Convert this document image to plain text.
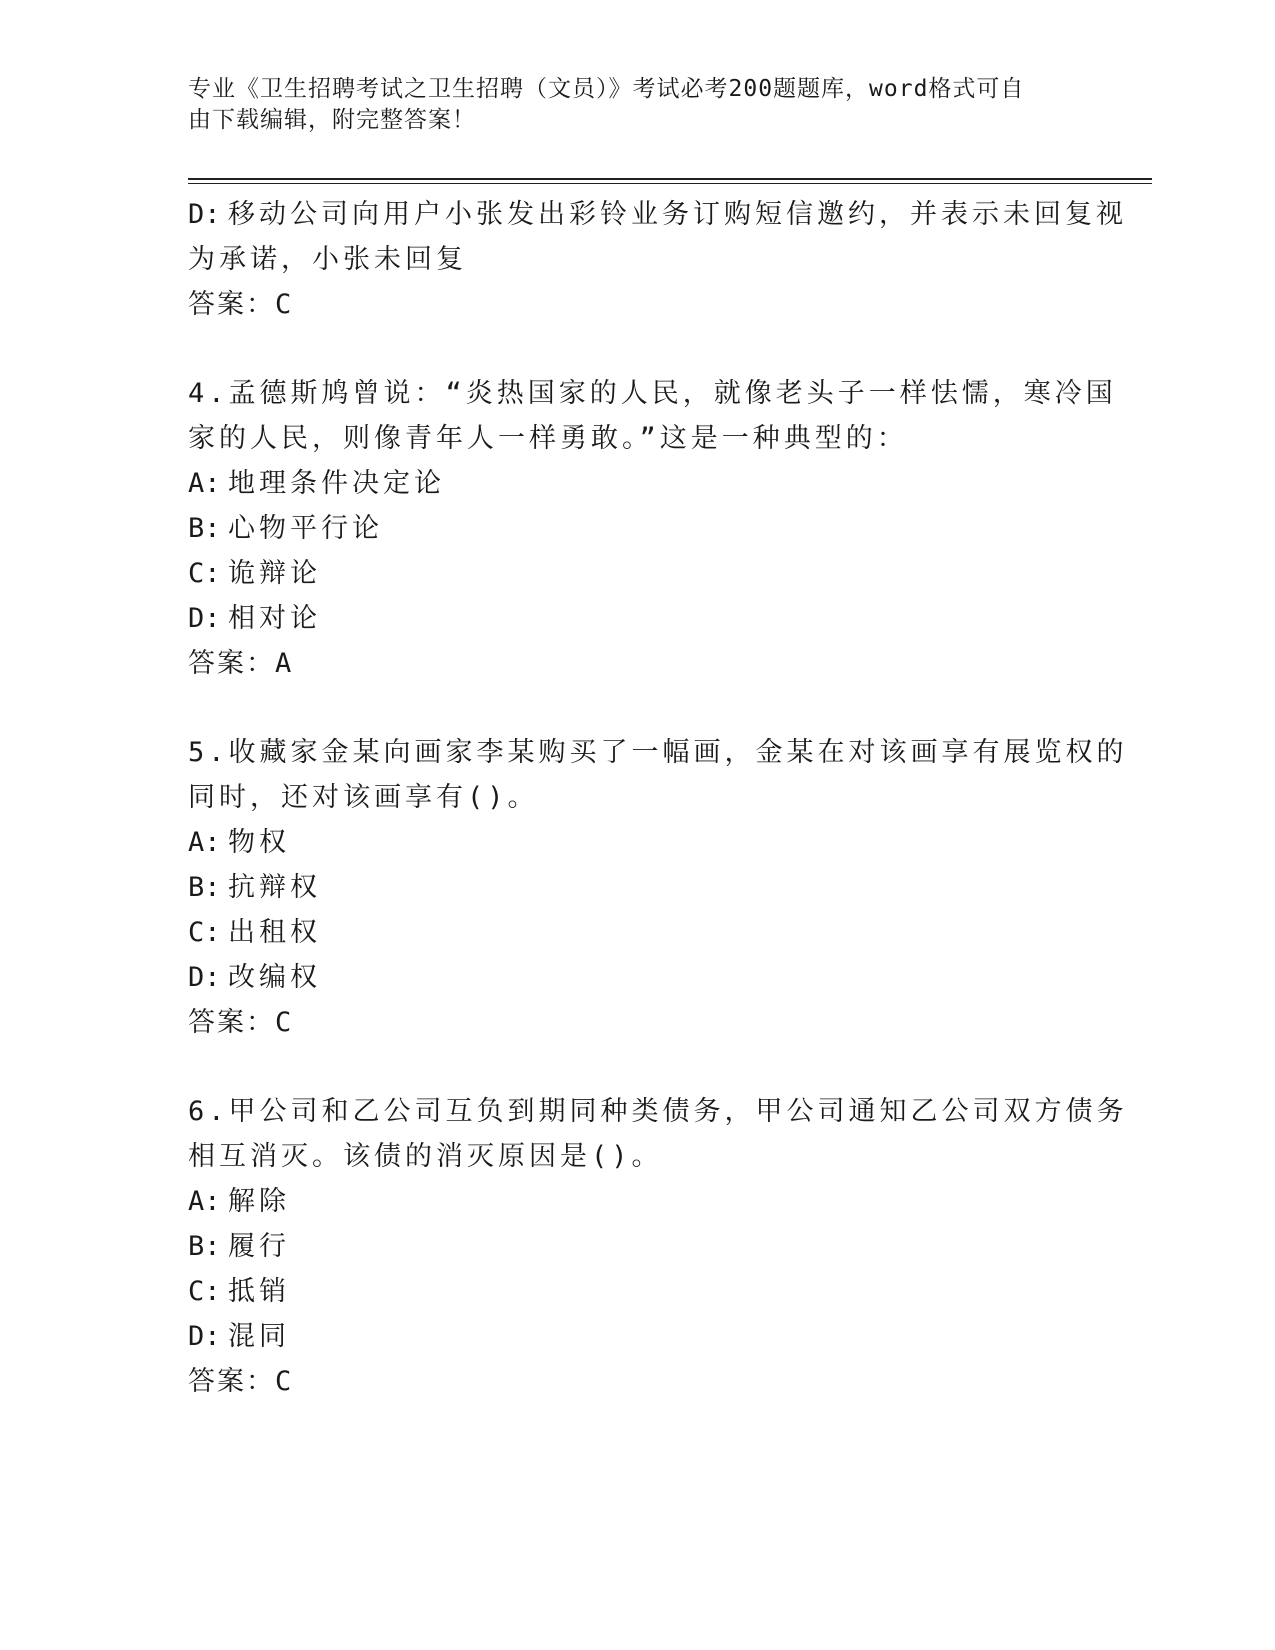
专业《卫生招聘考试之卫生招聘（文员）》考试必考200题题库，word格式可自
由下载编辑，附完整答案！
D: 移动公司向用户小张发出彩铃业务订购短信邀约，并表示未回复视
为承诺，小张未回复
答案：C
4.孟德斯鸠曾说：“炎热国家的人民，就像老头子一样怯懦，寒冷国
家的人民，则像青年人一样勇敢。”这是一种典型的：
A: 地理条件决定论
B: 心物平行论
C: 诡辩论
D: 相对论
答案：A
5.收藏家金某向画家李某购买了一幅画，金某在对该画享有展览权的
同时，还对该画享有()。
A: 物权
B: 抗辩权
C: 出租权
D: 改编权
答案：C
6.甲公司和乙公司互负到期同种类债务，甲公司通知乙公司双方债务
相互消灭。该债的消灭原因是()。
A: 解除
B: 履行
C: 抵销
D: 混同
答案：C
